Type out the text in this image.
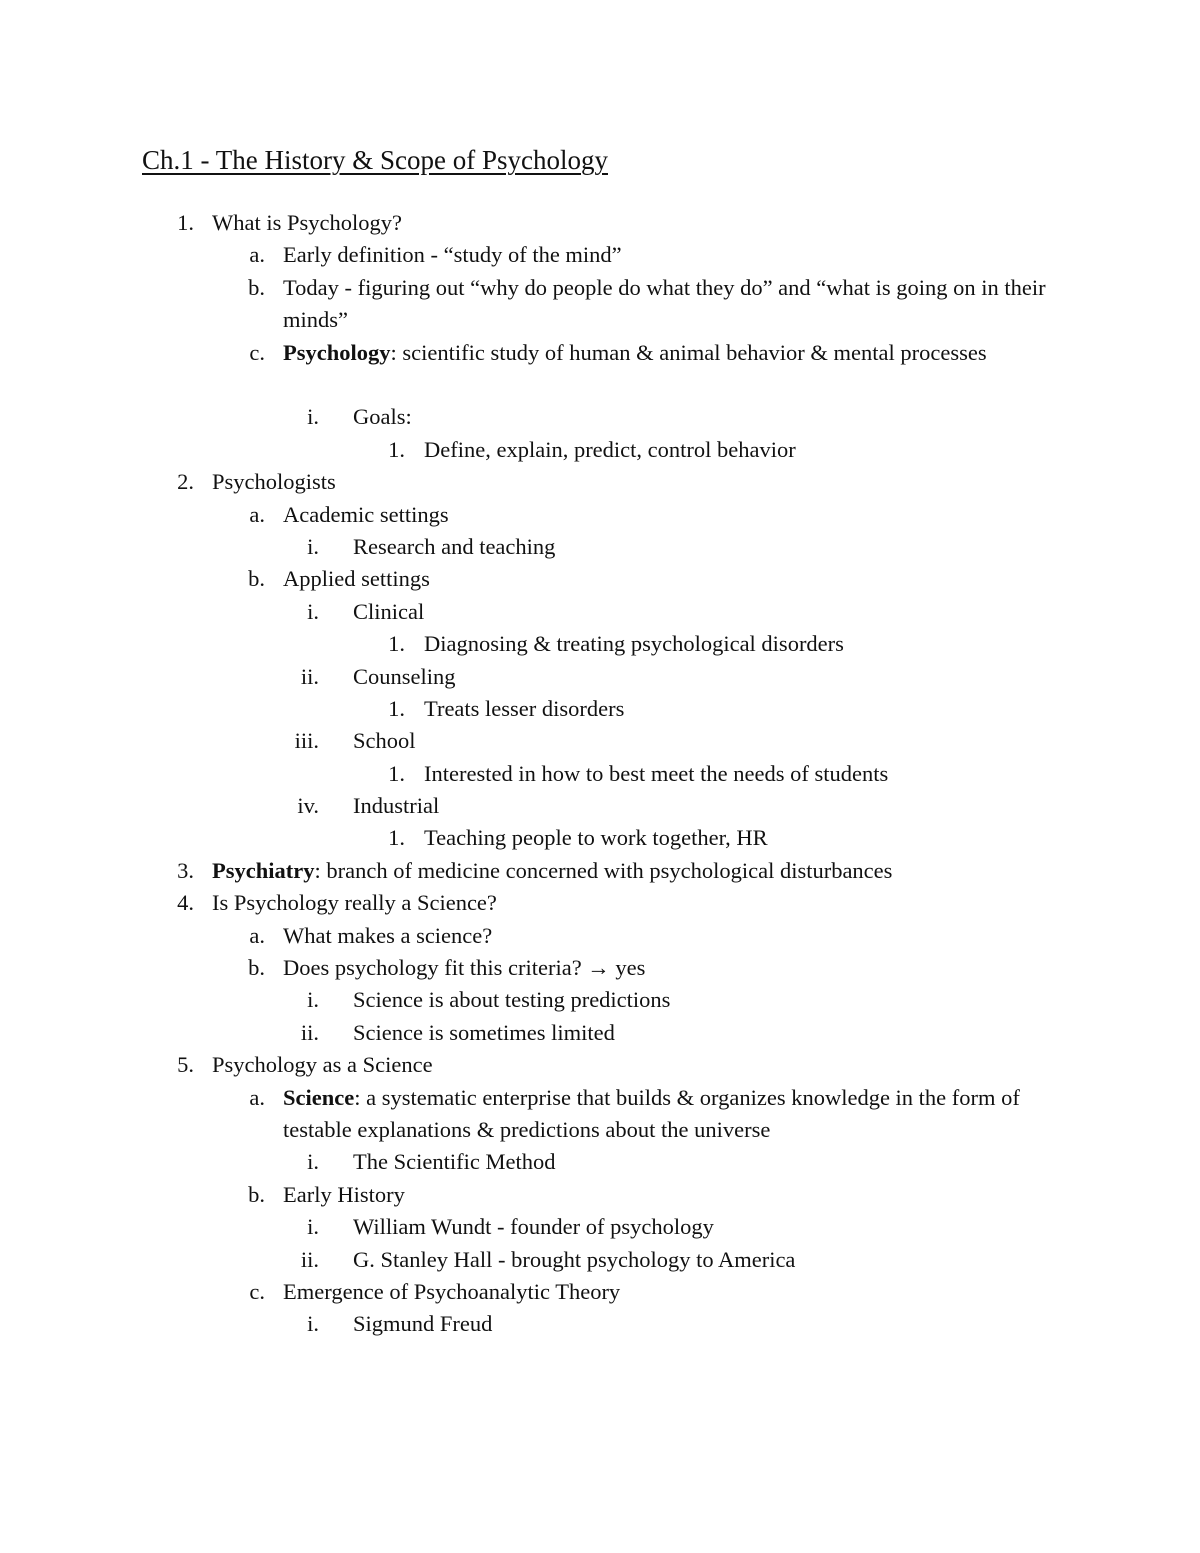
Ch.1 - The History & Scope of Psychology
1. What is Psychology?
a. Early definition - “study of the mind”
b. Today - figuring out “why do people do what they do” and “what is going on in their minds”
c. Psychology: scientific study of human & animal behavior & mental processes
i. Goals:
1. Define, explain, predict, control behavior
2. Psychologists
a. Academic settings
i. Research and teaching
b. Applied settings
i. Clinical
1. Diagnosing & treating psychological disorders
ii. Counseling
1. Treats lesser disorders
iii. School
1. Interested in how to best meet the needs of students
iv. Industrial
1. Teaching people to work together, HR
3. Psychiatry: branch of medicine concerned with psychological disturbances
4. Is Psychology really a Science?
a. What makes a science?
b. Does psychology fit this criteria? → yes
i. Science is about testing predictions
ii. Science is sometimes limited
5. Psychology as a Science
a. Science: a systematic enterprise that builds & organizes knowledge in the form of testable explanations & predictions about the universe
i. The Scientific Method
b. Early History
i. William Wundt - founder of psychology
ii. G. Stanley Hall - brought psychology to America
c. Emergence of Psychoanalytic Theory
i. Sigmund Freud
